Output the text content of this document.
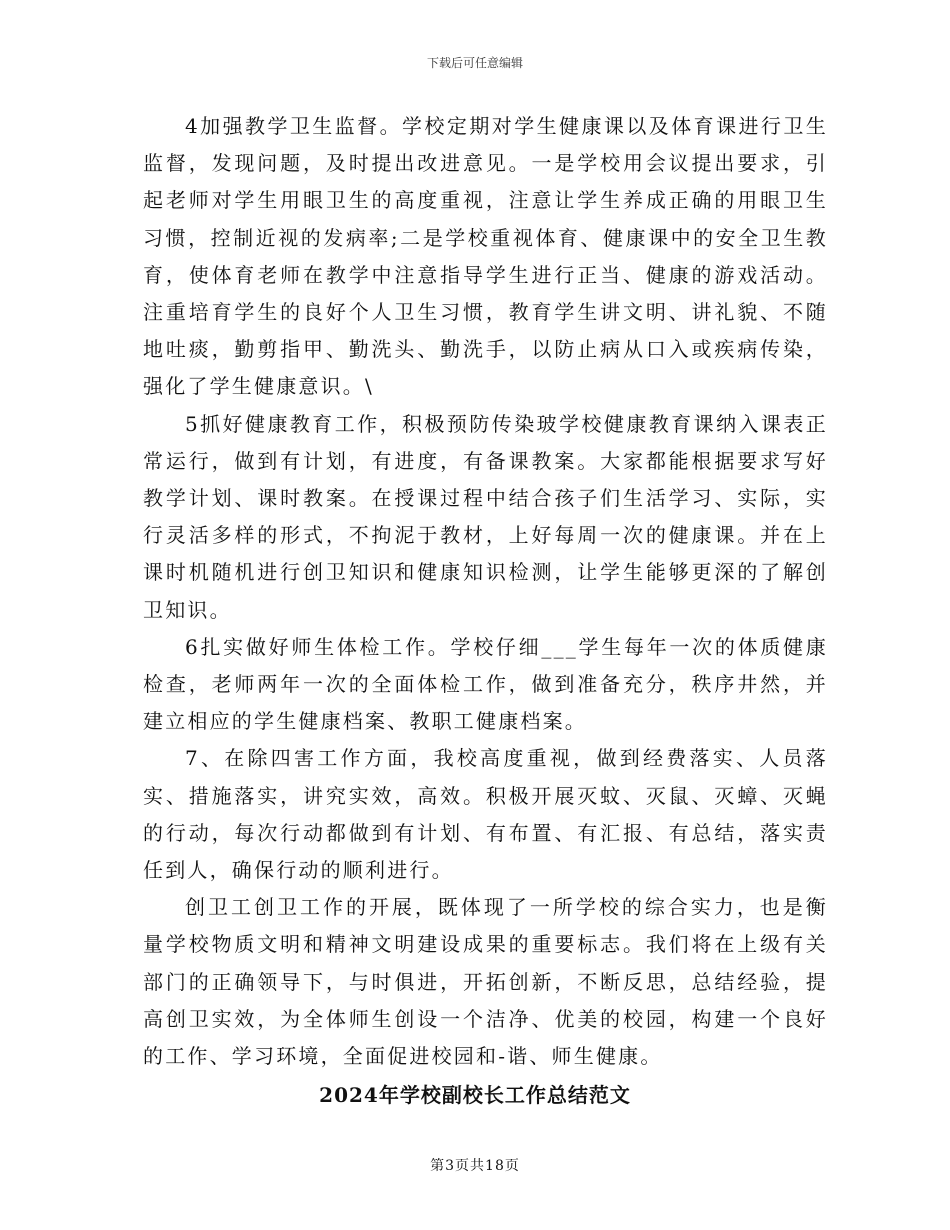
下载后可任意编辑

4加强教学卫生监督。学校定期对学生健康课以及体育课进行卫生监督，发现问题，及时提出改进意见。一是学校用会议提出要求，引起老师对学生用眼卫生的高度重视，注意让学生养成正确的用眼卫生习惯，控制近视的发病率;二是学校重视体育、健康课中的安全卫生教育，使体育老师在教学中注意指导学生进行正当、健康的游戏活动。注重培育学生的良好个人卫生习惯，教育学生讲文明、讲礼貌、不随地吐痰，勤剪指甲、勤洗头、勤洗手，以防止病从口入或疾病传染，强化了学生健康意识。\

5抓好健康教育工作，积极预防传染玻学校健康教育课纳入课表正常运行，做到有计划，有进度，有备课教案。大家都能根据要求写好教学计划、课时教案。在授课过程中结合孩子们生活学习、实际，实行灵活多样的形式，不拘泥于教材，上好每周一次的健康课。并在上课时机随机进行创卫知识和健康知识检测，让学生能够更深的了解创卫知识。

6扎实做好师生体检工作。学校仔细___学生每年一次的体质健康检查，老师两年一次的全面体检工作，做到准备充分，秩序井然，并建立相应的学生健康档案、教职工健康档案。

7、在除四害工作方面，我校高度重视，做到经费落实、人员落实、措施落实，讲究实效，高效。积极开展灭蚊、灭鼠、灭蟑、灭蝇的行动，每次行动都做到有计划、有布置、有汇报、有总结，落实责任到人，确保行动的顺利进行。

创卫工创卫工作的开展，既体现了一所学校的综合实力，也是衡量学校物质文明和精神文明建设成果的重要标志。我们将在上级有关部门的正确领导下，与时俱进，开拓创新，不断反思，总结经验，提高创卫实效，为全体师生创设一个洁净、优美的校园，构建一个良好的工作、学习环境，全面促进校园和-谐、师生健康。

2024年学校副校长工作总结范文
第3页共18页
